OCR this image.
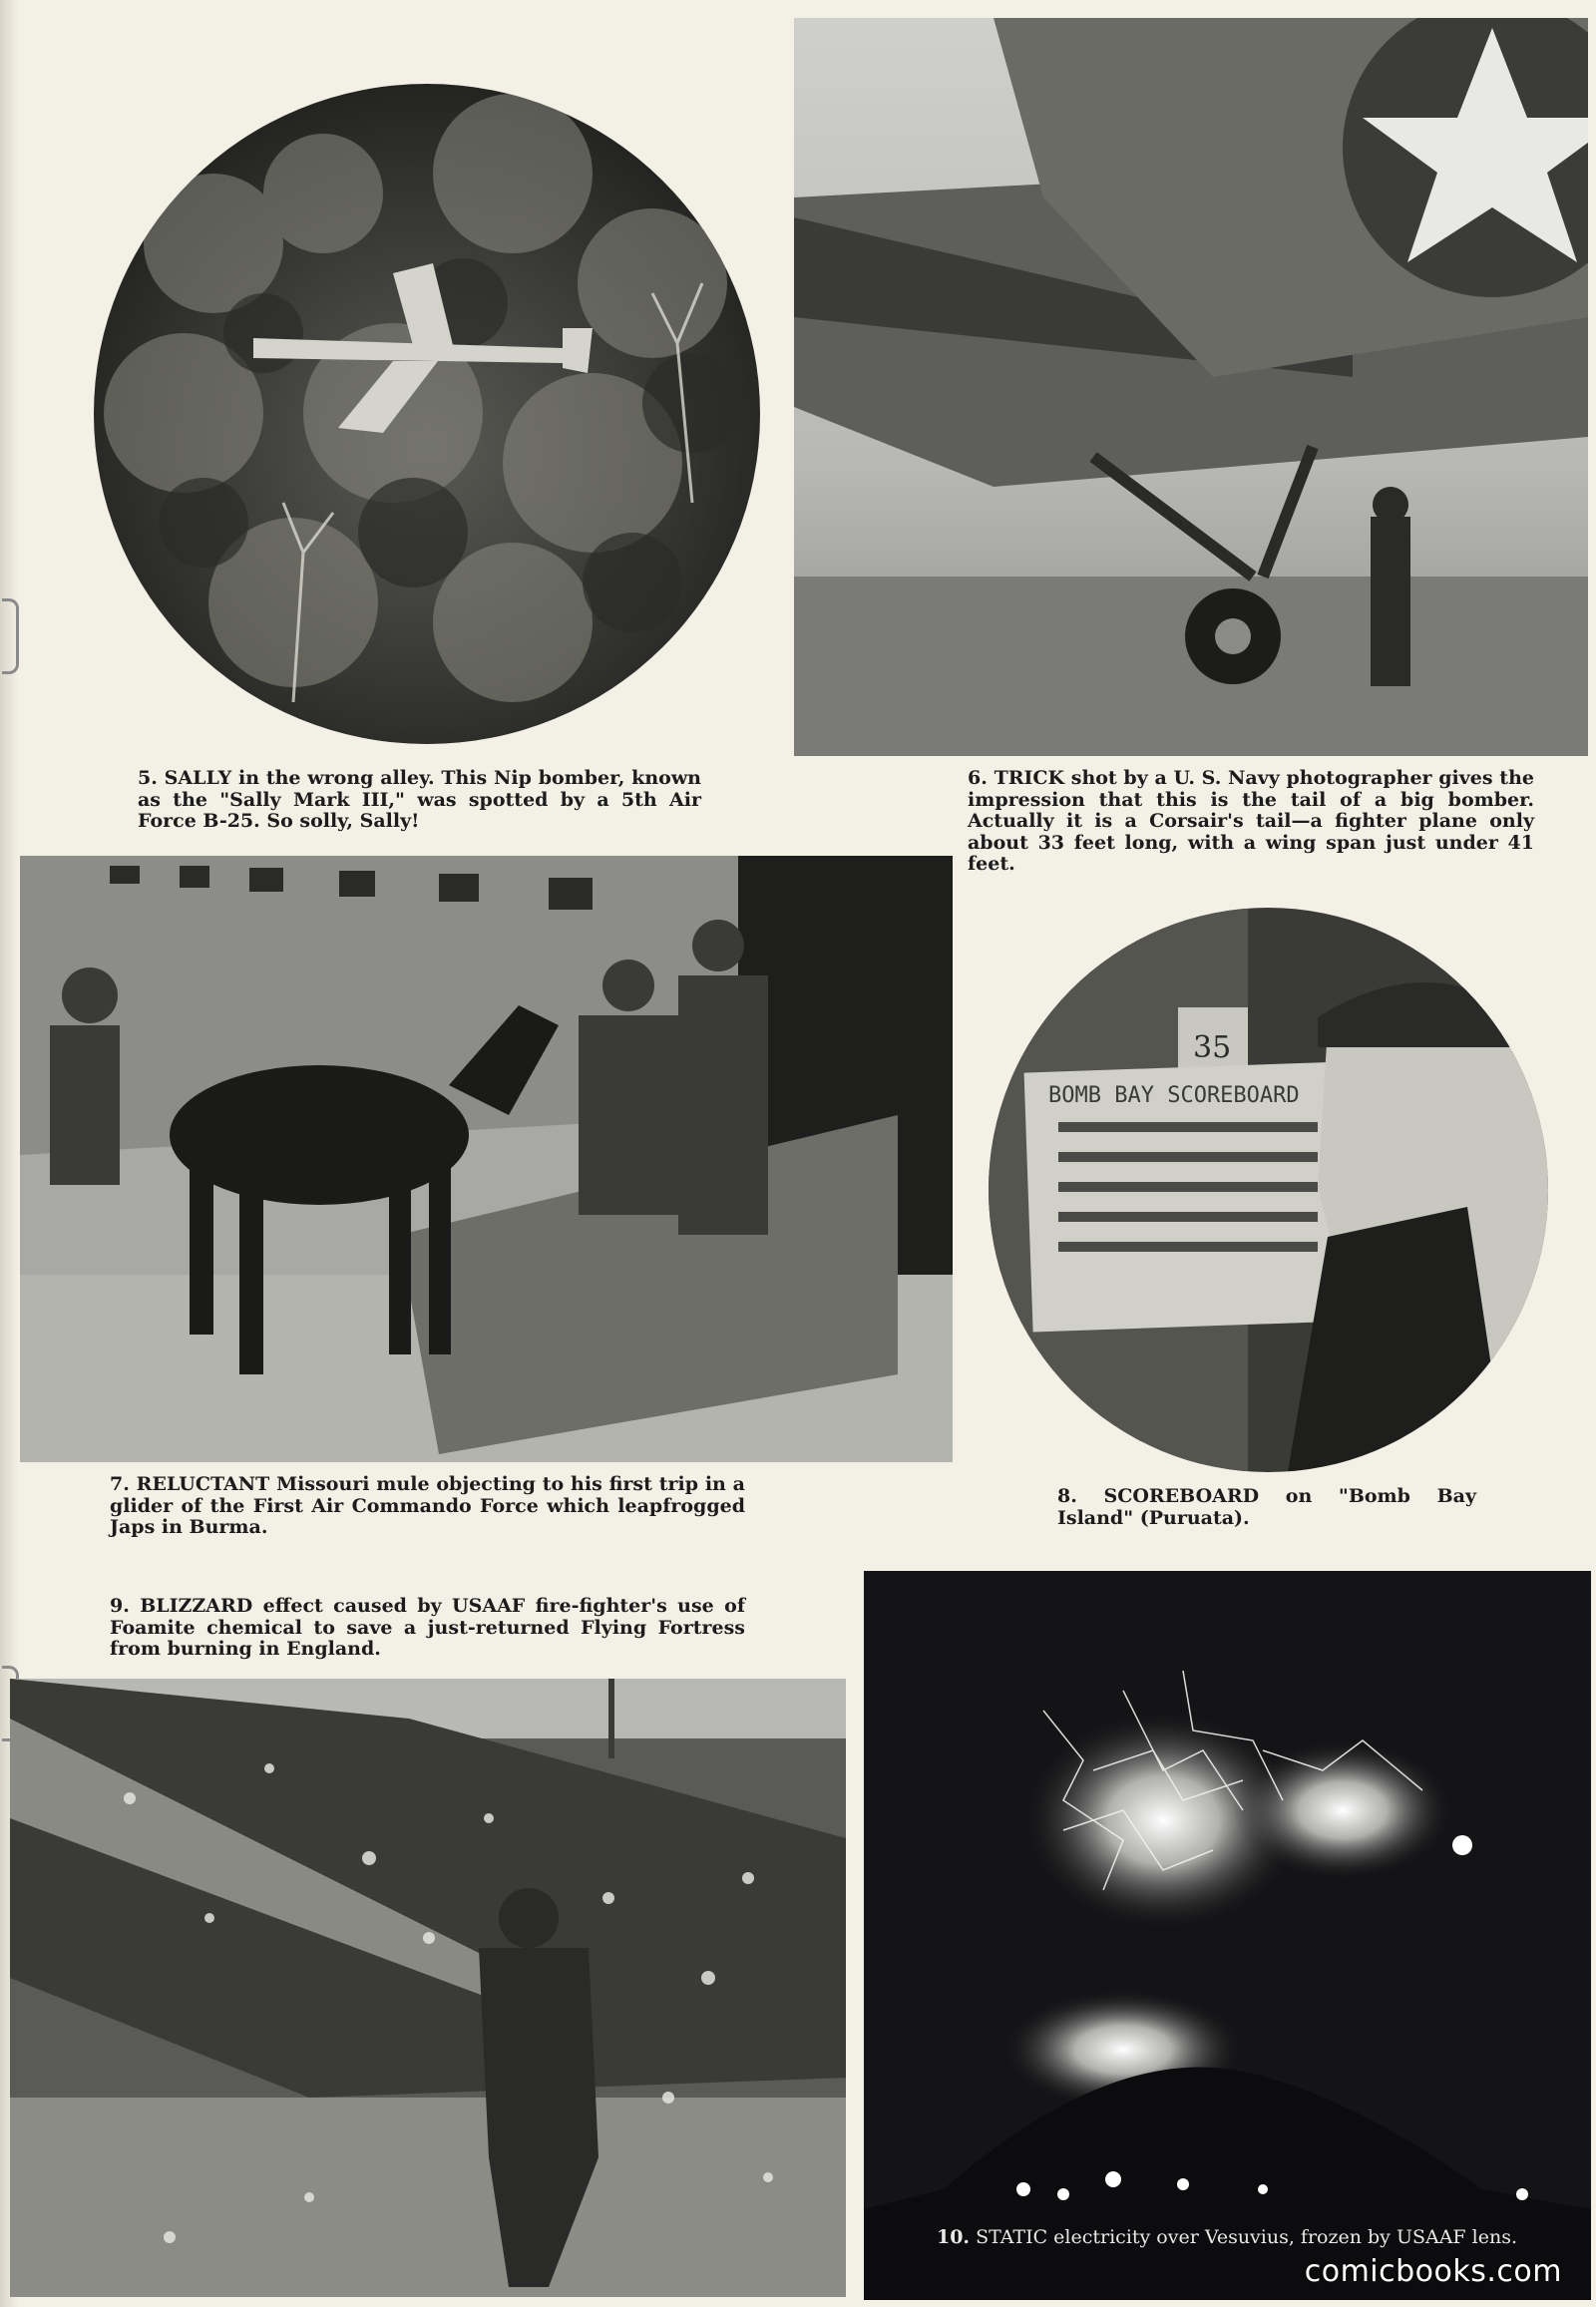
5. SALLY in the wrong alley. This Nip bomber, known as the "Sally Mark III," was spotted by a 5th Air Force B-25. So solly, Sally!
6. TRICK shot by a U. S. Navy photographer gives the impression that this is the tail of a big bomber. Actually it is a Corsair's tail—a fighter plane only about 33 feet long, with a wing span just under 41 feet.
35
BOMB BAY SCOREBOARD
7. RELUCTANT Missouri mule objecting to his first trip in a glider of the First Air Commando Force which leapfrogged Japs in Burma.
8. SCOREBOARD on "Bomb Bay Island" (Puruata).
9. BLIZZARD effect caused by USAAF fire-fighter's use of Foamite chemical to save a just-returned Flying Fortress from burning in England.
10. STATIC electricity over Vesuvius, frozen by USAAF lens.
comicbooks.com
